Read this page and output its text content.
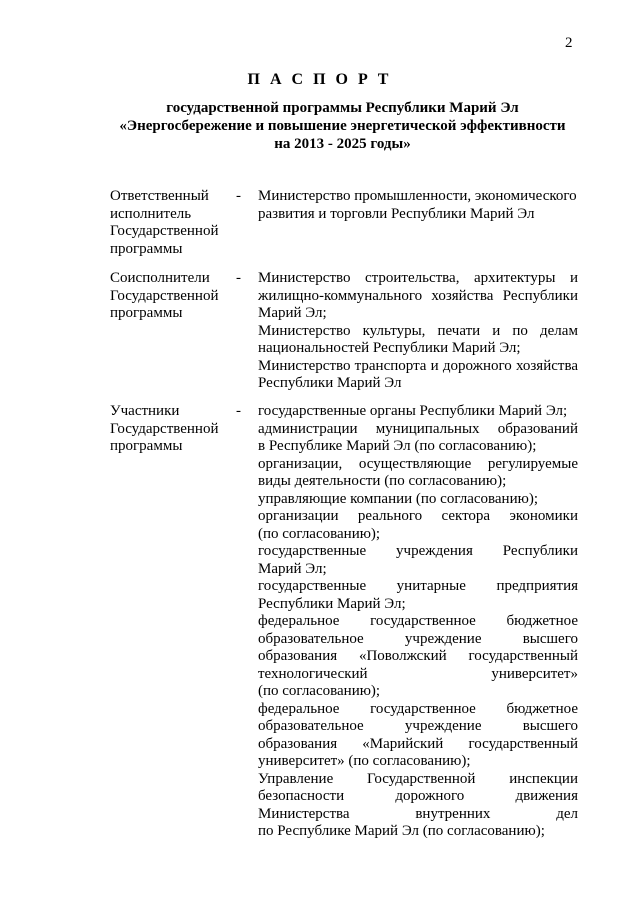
2
П А С П О Р Т
государственной программы Республики Марий Эл
«Энергосбережение и повышение энергетической эффективности
на 2013 - 2025 годы»
Ответственный
исполнитель
Государственной
программы
- Министерство промышленности, экономического
развития и торговли Республики Марий Эл
Соисполнители
Государственной
программы
- Министерство строительства, архитектуры и
жилищно-коммунального хозяйства Республики
Марий Эл;
Министерство культуры, печати и по делам
национальностей Республики Марий Эл;
Министерство транспорта и дорожного хозяйства
Республики Марий Эл
Участники
Государственной
программы
- государственные органы Республики Марий Эл;
администрации муниципальных образований
в Республике Марий Эл (по согласованию);
организации, осуществляющие регулируемые
виды деятельности (по согласованию);
управляющие компании (по согласованию);
организации реального сектора экономики
(по согласованию);
государственные учреждения Республики
Марий Эл;
государственные унитарные предприятия
Республики Марий Эл;
федеральное государственное бюджетное
образовательное	учреждение	высшего
образования «Поволжский государственный
технологический	университет»
(по согласованию);
федеральное государственное бюджетное
образовательное	учреждение	высшего
образования «Марийский государственный
университет» (по согласованию);
Управление Государственной инспекции
безопасности	дорожного	движения
Министерства	внутренних	дел
по Республике Марий Эл (по согласованию);
